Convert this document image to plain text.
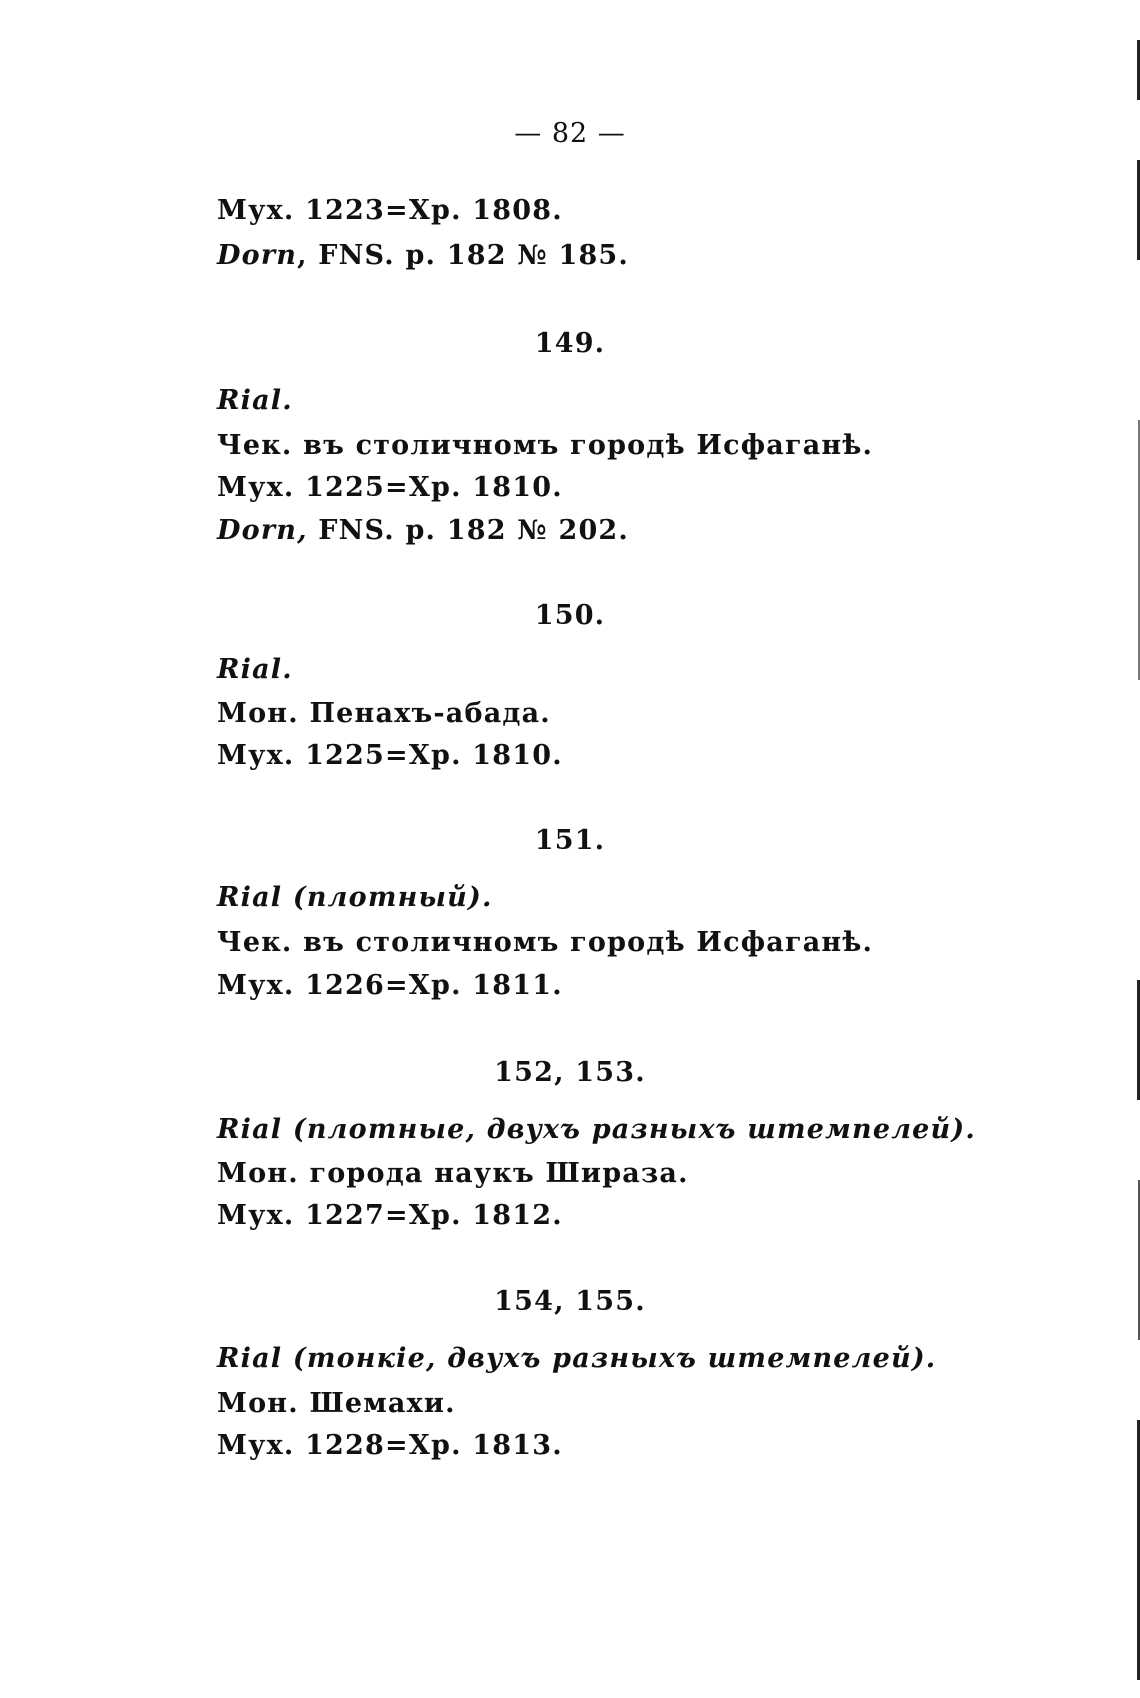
— 82 —
Мух. 1223=Хр. 1808.
Dorn, FNS. p. 182 № 185.
149.
Rial.
Чек. въ столичномъ городѣ Исфаганѣ.
Мух. 1225=Хр. 1810.
Dorn, FNS. p. 182 № 202.
150.
Rial.
Мон. Пенахъ-абада.
Мух. 1225=Хр. 1810.
151.
Rial (плотный).
Чек. въ столичномъ городѣ Исфаганѣ.
Мух. 1226=Хр. 1811.
152, 153.
Rial (плотные, двухъ разныхъ штемпелей).
Мон. города наукъ Шираза.
Мух. 1227=Хр. 1812.
154, 155.
Rial (тонкіе, двухъ разныхъ штемпелей).
Мон. Шемахи.
Мух. 1228=Хр. 1813.
